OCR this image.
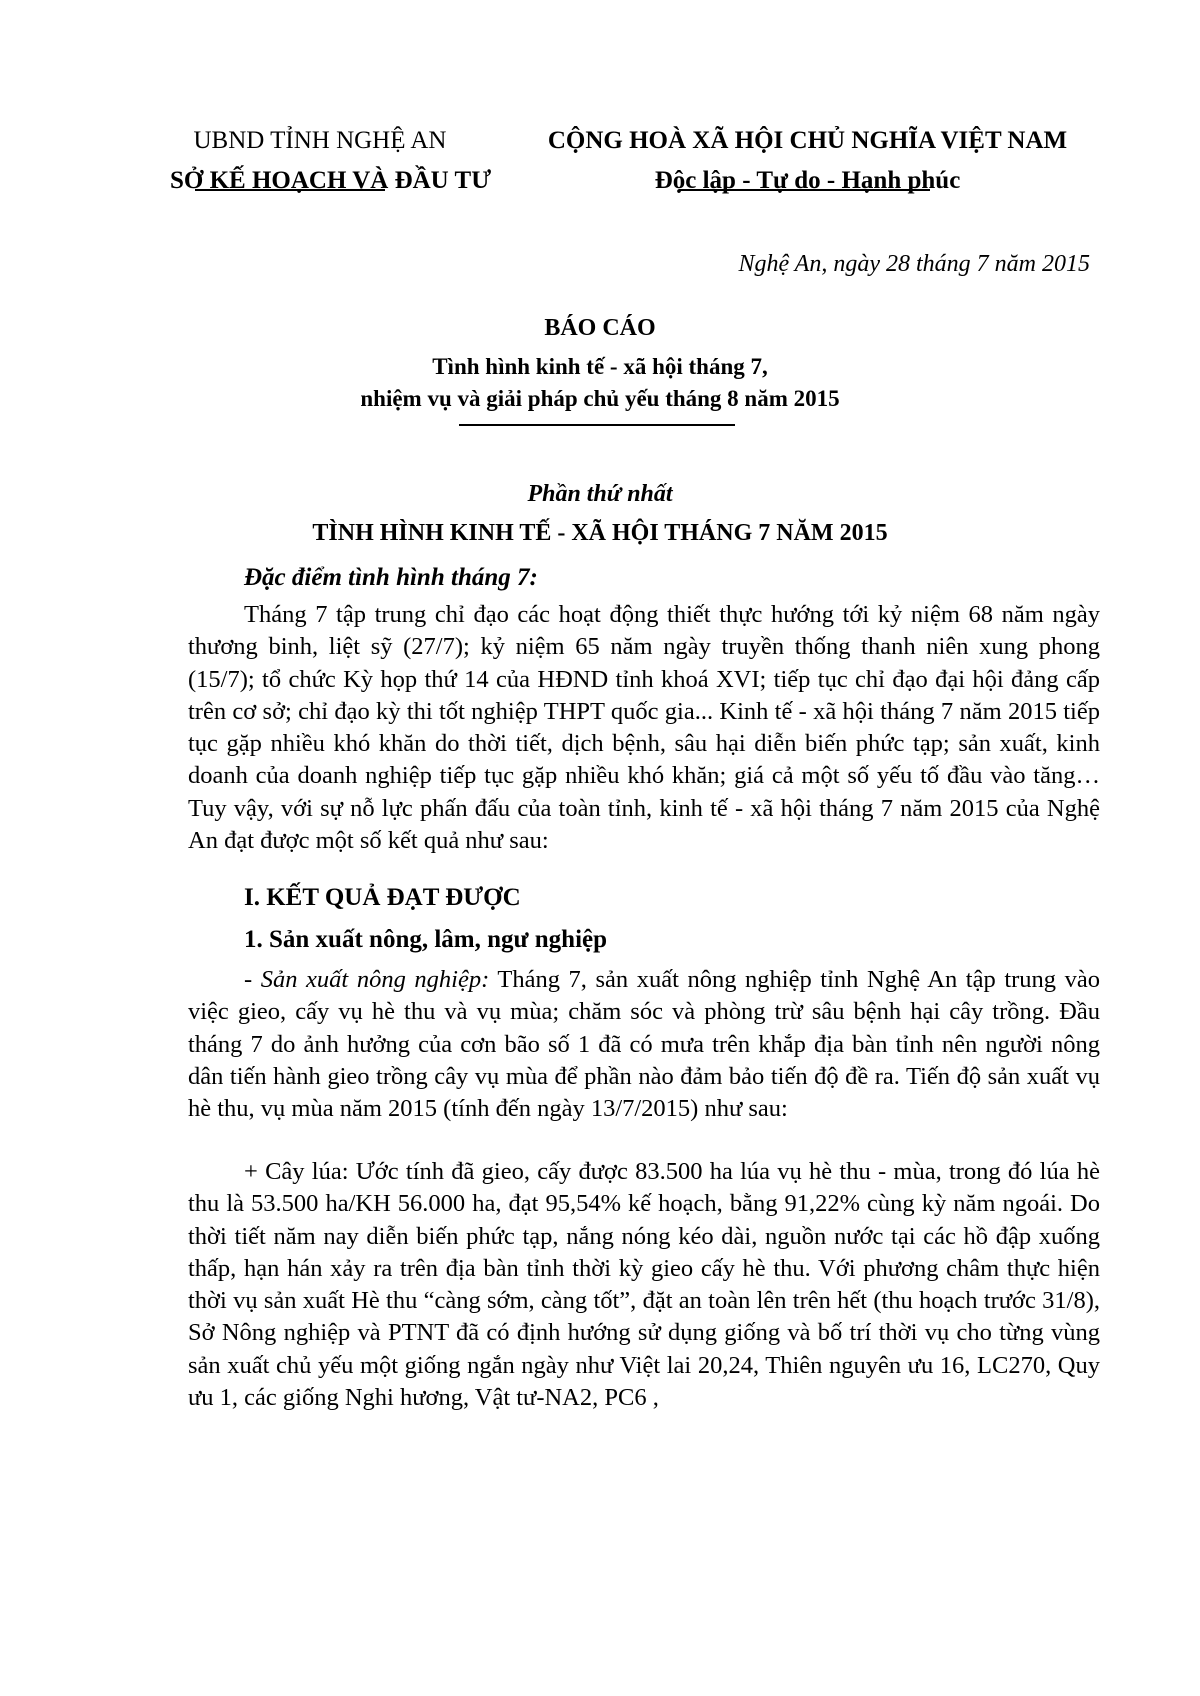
UBND TỈNH NGHỆ AN
SỞ KẾ HOẠCH VÀ ĐẦU TƯ
CỘNG HOÀ XÃ HỘI CHỦ NGHĨA VIỆT NAM
Độc lập - Tự do - Hạnh phúc
Nghệ An, ngày 28 tháng 7 năm 2015
BÁO CÁO
Tình hình kinh tế - xã hội tháng 7,
nhiệm vụ và giải pháp chủ yếu tháng 8 năm 2015
Phần thứ nhất
TÌNH HÌNH KINH TẾ - XÃ HỘI THÁNG 7 NĂM 2015
Đặc điểm tình hình tháng 7:

Tháng 7 tập trung chỉ đạo các hoạt động thiết thực hướng tới kỷ niệm 68 năm ngày thương binh, liệt sỹ (27/7); kỷ niệm 65 năm ngày truyền thống thanh niên xung phong (15/7); tổ chức Kỳ họp thứ 14 của HĐND tỉnh khoá XVI; tiếp tục chỉ đạo đại hội đảng cấp trên cơ sở; chỉ đạo kỳ thi tốt nghiệp THPT quốc gia... Kinh tế - xã hội tháng 7 năm 2015 tiếp tục gặp nhiều khó khăn do thời tiết, dịch bệnh, sâu hại diễn biến phức tạp; sản xuất, kinh doanh của doanh nghiệp tiếp tục gặp nhiều khó khăn; giá cả một số yếu tố đầu vào tăng… Tuy vậy, với sự nỗ lực phấn đấu của toàn tỉnh, kinh tế - xã hội tháng 7 năm 2015 của Nghệ An đạt được một số kết quả như sau:

I. KẾT QUẢ ĐẠT ĐƯỢC
1. Sản xuất nông, lâm, ngư nghiệp

- Sản xuất nông nghiệp: Tháng 7, sản xuất nông nghiệp tỉnh Nghệ An tập trung vào việc gieo, cấy vụ hè thu và vụ mùa; chăm sóc và phòng trừ sâu bệnh hại cây trồng. Đầu tháng 7 do ảnh hưởng của cơn bão số 1 đã có mưa trên khắp địa bàn tỉnh nên người nông dân tiến hành gieo trồng cây vụ mùa để phần nào đảm bảo tiến độ đề ra. Tiến độ sản xuất vụ hè thu, vụ mùa năm 2015 (tính đến ngày 13/7/2015) như sau:

+ Cây lúa: Ước tính đã gieo, cấy được 83.500 ha lúa vụ hè thu - mùa, trong đó lúa hè thu là 53.500 ha/KH 56.000 ha, đạt 95,54% kế hoạch, bằng 91,22% cùng kỳ năm ngoái. Do thời tiết năm nay diễn biến phức tạp, nắng nóng kéo dài, nguồn nước tại các hồ đập xuống thấp, hạn hán xảy ra trên địa bàn tỉnh thời kỳ gieo cấy hè thu. Với phương châm thực hiện thời vụ sản xuất Hè thu “càng sớm, càng tốt”, đặt an toàn lên trên hết (thu hoạch trước 31/8), Sở Nông nghiệp và PTNT đã có định hướng sử dụng giống và bố trí thời vụ cho từng vùng sản xuất chủ yếu một giống ngắn ngày như Việt lai 20,24, Thiên nguyên ưu 16, LC270, Quy ưu 1, các giống Nghi hương, Vật tư-NA2, PC6 ,
